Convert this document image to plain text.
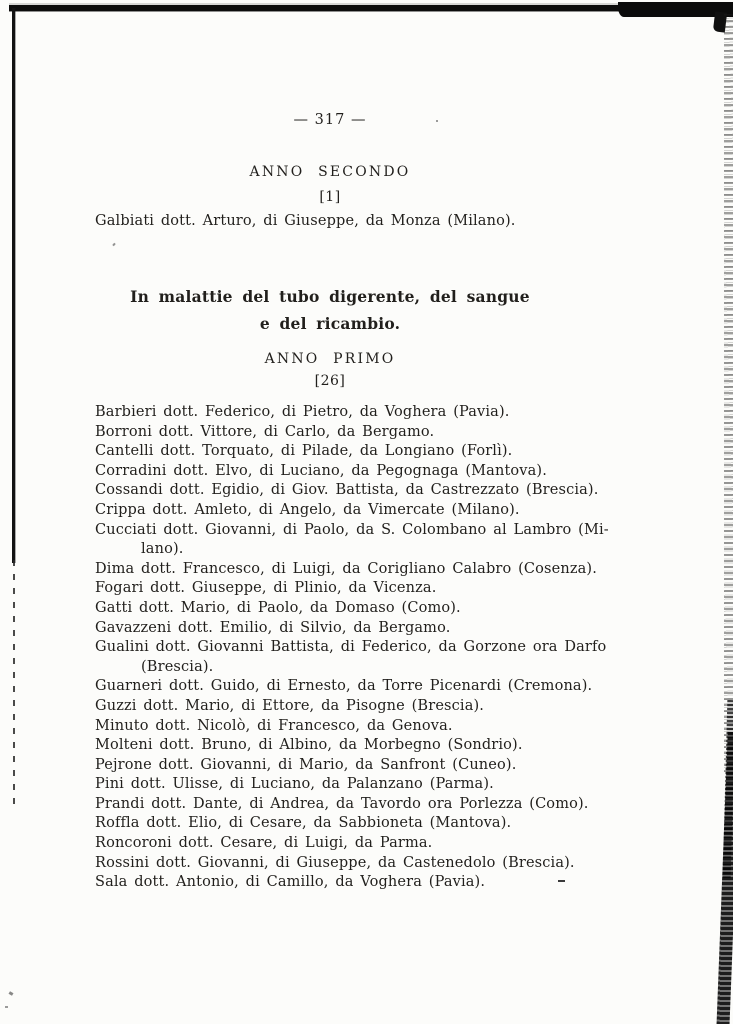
— 317 —
ANNO SECONDO
[1]
Galbiati dott. Arturo, di Giuseppe, da Monza (Milano).
In malattie del tubo digerente, del sangue
e del ricambio.
ANNO PRIMO
[26]
Barbieri dott. Federico, di Pietro, da Voghera (Pavia).
Borroni dott. Vittore, di Carlo, da Bergamo.
Cantelli dott. Torquato, di Pilade, da Longiano (Forlì).
Corradini dott. Elvo, di Luciano, da Pegognaga (Mantova).
Cossandi dott. Egidio, di Giov. Battista, da Castrezzato (Brescia).
Crippa dott. Amleto, di Angelo, da Vimercate (Milano).
Cucciati dott. Giovanni, di Paolo, da S. Colombano al Lambro (Mi-
lano).
Dima dott. Francesco, di Luigi, da Corigliano Calabro (Cosenza).
Fogari dott. Giuseppe, di Plinio, da Vicenza.
Gatti dott. Mario, di Paolo, da Domaso (Como).
Gavazzeni dott. Emilio, di Silvio, da Bergamo.
Gualini dott. Giovanni Battista, di Federico, da Gorzone ora Darfo
(Brescia).
Guarneri dott. Guido, di Ernesto, da Torre Picenardi (Cremona).
Guzzi dott. Mario, di Ettore, da Pisogne (Brescia).
Minuto dott. Nicolò, di Francesco, da Genova.
Molteni dott. Bruno, di Albino, da Morbegno (Sondrio).
Pejrone dott. Giovanni, di Mario, da Sanfront (Cuneo).
Pini dott. Ulisse, di Luciano, da Palanzano (Parma).
Prandi dott. Dante, di Andrea, da Tavordo ora Porlezza (Como).
Roffla dott. Elio, di Cesare, da Sabbioneta (Mantova).
Roncoroni dott. Cesare, di Luigi, da Parma.
Rossini dott. Giovanni, di Giuseppe, da Castenedolo (Brescia).
Sala dott. Antonio, di Camillo, da Voghera (Pavia).
